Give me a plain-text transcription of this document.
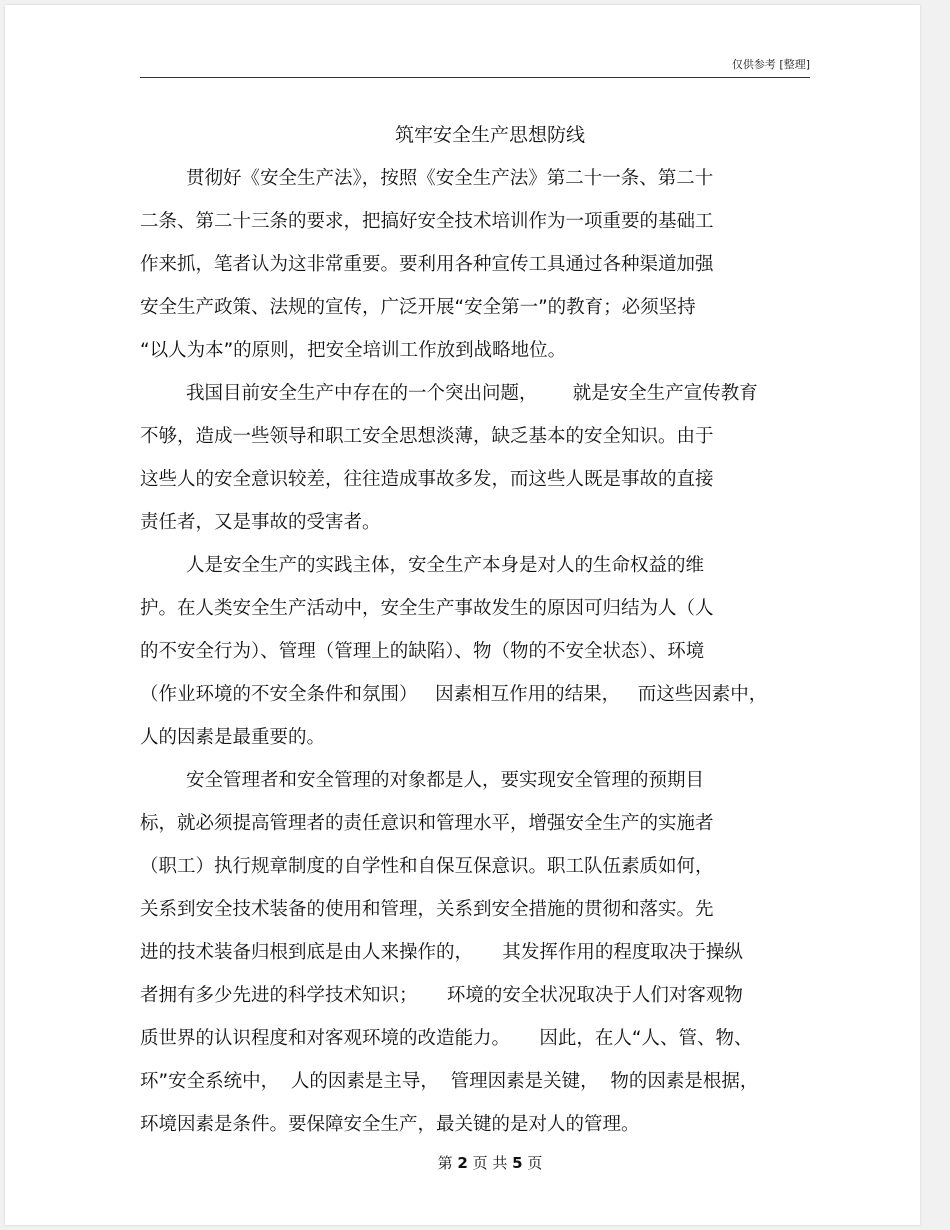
仅供参考 [整理]
筑牢安全生产思想防线
贯彻好《安全生产法》，按照《安全生产法》第二十一条、第二十
二条、第二十三条的要求，把搞好安全技术培训作为一项重要的基础工
作来抓，笔者认为这非常重要。要利用各种宣传工具通过各种渠道加强
安全生产政策、法规的宣传，广泛开展“安全第一”的教育；必须坚持
“以人为本”的原则，把安全培训工作放到战略地位。
我国目前安全生产中存在的一个突出问题，      就是安全生产宣传教育
不够，造成一些领导和职工安全思想淡薄，缺乏基本的安全知识。由于
这些人的安全意识较差，往往造成事故多发，而这些人既是事故的直接
责任者，又是事故的受害者。
人是安全生产的实践主体，安全生产本身是对人的生命权益的维
护。在人类安全生产活动中，安全生产事故发生的原因可归结为人（人
的不安全行为）、管理（管理上的缺陷）、物（物的不安全状态）、环境
（作业环境的不安全条件和氛围）   因素相互作用的结果，   而这些因素中，
人的因素是最重要的。
安全管理者和安全管理的对象都是人，要实现安全管理的预期目
标，就必须提高管理者的责任意识和管理水平，增强安全生产的实施者
（职工）执行规章制度的自学性和自保互保意识。职工队伍素质如何，
关系到安全技术装备的使用和管理，关系到安全措施的贯彻和落实。先
进的技术装备归根到底是由人来操作的，     其发挥作用的程度取决于操纵
者拥有多少先进的科学技术知识；     环境的安全状况取决于人们对客观物
质世界的认识程度和对客观环境的改造能力。     因此，在人“人、管、物、
环”安全系统中，  人的因素是主导，  管理因素是关键，  物的因素是根据，
环境因素是条件。要保障安全生产，最关键的是对人的管理。
第 2 页 共 5 页
